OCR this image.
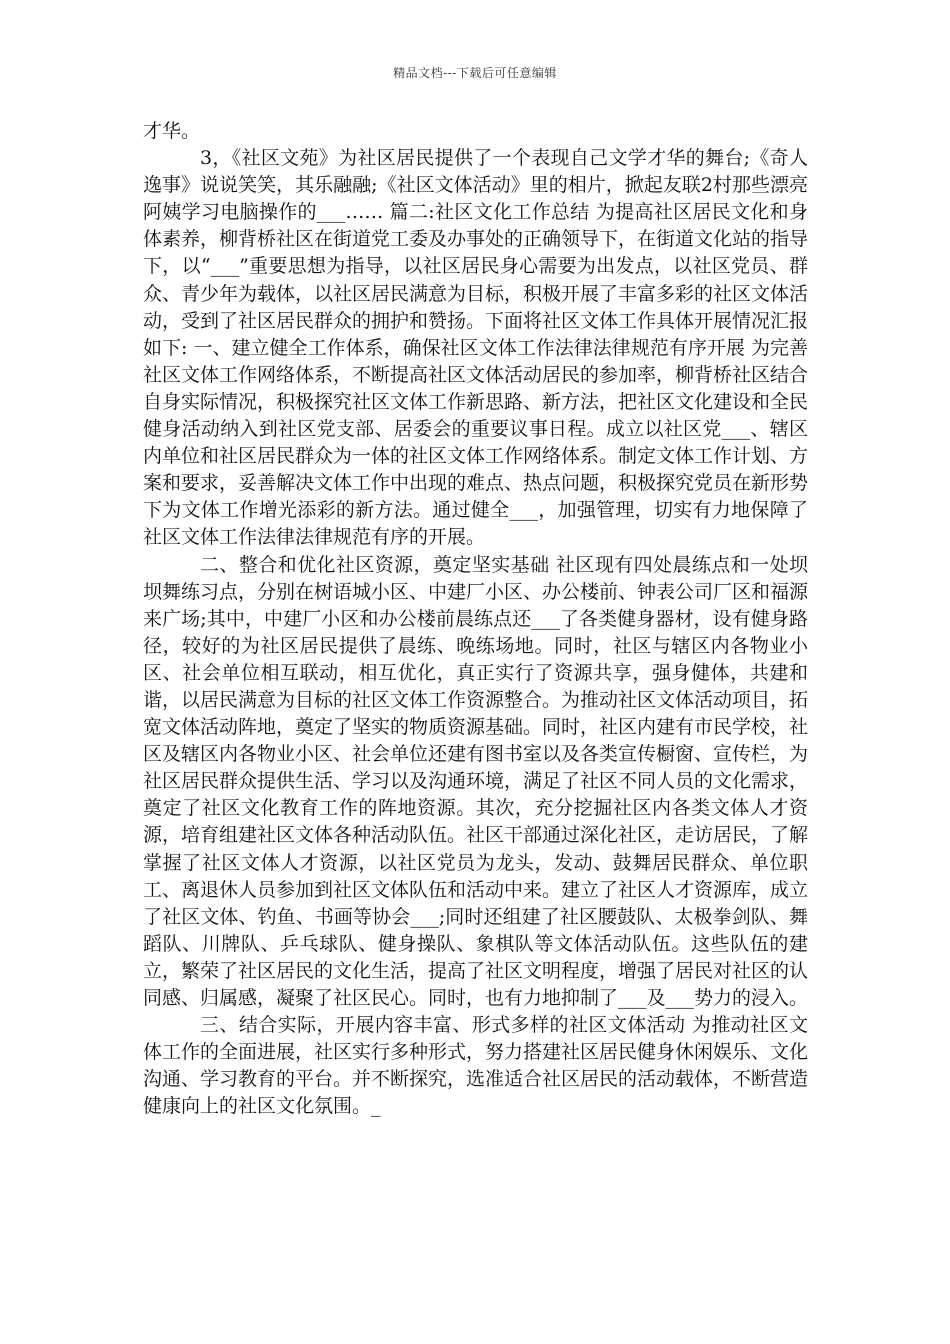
精品文档---下载后可任意编辑

才华。

3，《社区文苑》为社区居民提供了一个表现自己文学才华的舞台;《奇人逸事》说说笑笑，其乐融融;《社区文体活动》里的相片，掀起友联2村那些漂亮阿姨学习电脑操作的___…… 篇二:社区文化工作总结 为提高社区居民文化和身体素养，柳背桥社区在街道党工委及办事处的正确领导下，在街道文化站的指导下，以“___”重要思想为指导，以社区居民身心需要为出发点，以社区党员、群众、青少年为载体，以社区居民满意为目标，积极开展了丰富多彩的社区文体活动，受到了社区居民群众的拥护和赞扬。下面将社区文体工作具体开展情况汇报如下: 一、建立健全工作体系，确保社区文体工作法律法律规范有序开展 为完善社区文体工作网络体系，不断提高社区文体活动居民的参加率，柳背桥社区结合自身实际情况，积极探究社区文体工作新思路、新方法，把社区文化建设和全民健身活动纳入到社区党支部、居委会的重要议事日程。成立以社区党___、辖区内单位和社区居民群众为一体的社区文体工作网络体系。制定文体工作计划、方案和要求，妥善解决文体工作中出现的难点、热点问题，积极探究党员在新形势下为文体工作增光添彩的新方法。通过健全___，加强管理，切实有力地保障了社区文体工作法律法律规范有序的开展。

二、整合和优化社区资源，奠定坚实基础 社区现有四处晨练点和一处坝坝舞练习点，分别在树语城小区、中建厂小区、办公楼前、钟表公司厂区和福源来广场;其中，中建厂小区和办公楼前晨练点还___了各类健身器材，设有健身路径，较好的为社区居民提供了晨练、晚练场地。同时，社区与辖区内各物业小区、社会单位相互联动，相互优化，真正实行了资源共享，强身健体，共建和谐，以居民满意为目标的社区文体工作资源整合。为推动社区文体活动项目，拓宽文体活动阵地，奠定了坚实的物质资源基础。同时，社区内建有市民学校，社区及辖区内各物业小区、社会单位还建有图书室以及各类宣传橱窗、宣传栏，为社区居民群众提供生活、学习以及沟通环境，满足了社区不同人员的文化需求，奠定了社区文化教育工作的阵地资源。其次，充分挖掘社区内各类文体人才资源，培育组建社区文体各种活动队伍。社区干部通过深化社区，走访居民，了解掌握了社区文体人才资源，以社区党员为龙头，发动、鼓舞居民群众、单位职工、离退休人员参加到社区文体队伍和活动中来。建立了社区人才资源库，成立了社区文体、钓鱼、书画等协会___;同时还组建了社区腰鼓队、太极拳剑队、舞蹈队、川牌队、乒乓球队、健身操队、象棋队等文体活动队伍。这些队伍的建立，繁荣了社区居民的文化生活，提高了社区文明程度，增强了居民对社区的认同感、归属感，凝聚了社区民心。同时，也有力地抑制了___及___势力的浸入。

三、结合实际，开展内容丰富、形式多样的社区文体活动 为推动社区文体工作的全面进展，社区实行多种形式，努力搭建社区居民健身休闲娱乐、文化沟通、学习教育的平台。并不断探究，选准适合社区居民的活动载体，不断营造健康向上的社区文化氛围。_
